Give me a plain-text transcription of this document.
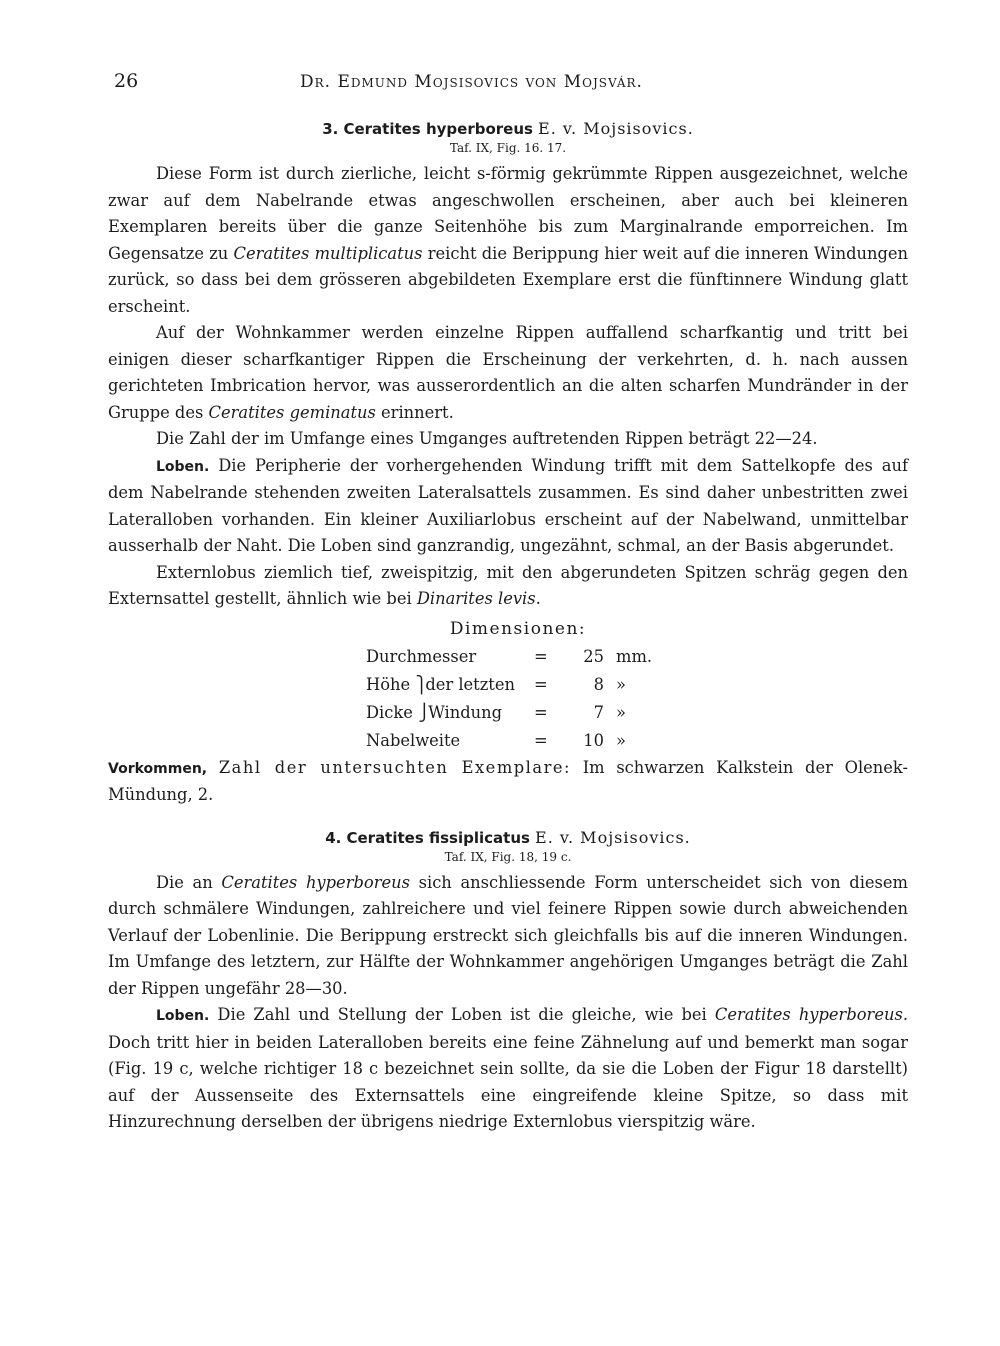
26	Dr. Edmund Mojsisovics von Mojsvár.
3. Ceratites hyperboreus E. v. Mojsisovics.
Taf. IX, Fig. 16. 17.

Diese Form ist durch zierliche, leicht s-förmig gekrümmte Rippen ausgezeichnet, welche zwar auf dem Nabelrande etwas angeschwollen erscheinen, aber auch bei kleineren Exemplaren bereits über die ganze Seitenhöhe bis zum Marginalrande emporreichen. Im Gegensatze zu Ceratites multiplicatus reicht die Berippung hier weit auf die inneren Windungen zurück, so dass bei dem grösseren abgebildeten Exemplare erst die fünftinnere Windung glatt erscheint.

Auf der Wohnkammer werden einzelne Rippen auffallend scharfkantig und tritt bei einigen dieser scharfkantiger Rippen die Erscheinung der verkehrten, d. h. nach aussen gerichteten Imbrication hervor, was ausserordentlich an die alten scharfen Mundränder in der Gruppe des Ceratites geminatus erinnert.

Die Zahl der im Umfange eines Umganges auftretenden Rippen beträgt 22—24.

Loben. Die Peripherie der vorhergehenden Windung trifft mit dem Sattelkopfe des auf dem Nabelrande stehenden zweiten Lateralsattels zusammen. Es sind daher unbestritten zwei Lateralloben vorhanden. Ein kleiner Auxiliarlobus erscheint auf der Nabelwand, unmittelbar ausserhalb der Naht. Die Loben sind ganzrandig, ungezähnt, schmal, an der Basis abgerundet.

Externlobus ziemlich tief, zweispitzig, mit den abgerundeten Spitzen schräg gegen den Externsattel gestellt, ähnlich wie bei Dinarites levis.

Dimensionen:
Durchmesser	=	25	mm.
Höhe ⎫der letzten	=	8	»
Dicke ⎭Windung	=	7	»
Nabelweite	=	10	»

Vorkommen, Zahl der untersuchten Exemplare: Im schwarzen Kalkstein der Olenek-Mündung, 2.

4. Ceratites fissiplicatus E. v. Mojsisovics.
Taf. IX, Fig. 18, 19 c.

Die an Ceratites hyperboreus sich anschliessende Form unterscheidet sich von diesem durch schmälere Windungen, zahlreichere und viel feinere Rippen sowie durch abweichenden Verlauf der Lobenlinie. Die Berippung erstreckt sich gleichfalls bis auf die inneren Windungen. Im Umfange des letztern, zur Hälfte der Wohnkammer angehörigen Umganges beträgt die Zahl der Rippen ungefähr 28—30.

Loben. Die Zahl und Stellung der Loben ist die gleiche, wie bei Ceratites hyperboreus. Doch tritt hier in beiden Lateralloben bereits eine feine Zähnelung auf und bemerkt man sogar (Fig. 19 c, welche richtiger 18 c bezeichnet sein sollte, da sie die Loben der Figur 18 darstellt) auf der Aussenseite des Externsattels eine eingreifende kleine Spitze, so dass mit Hinzurechnung derselben der übrigens niedrige Externlobus vierspitzig wäre.
